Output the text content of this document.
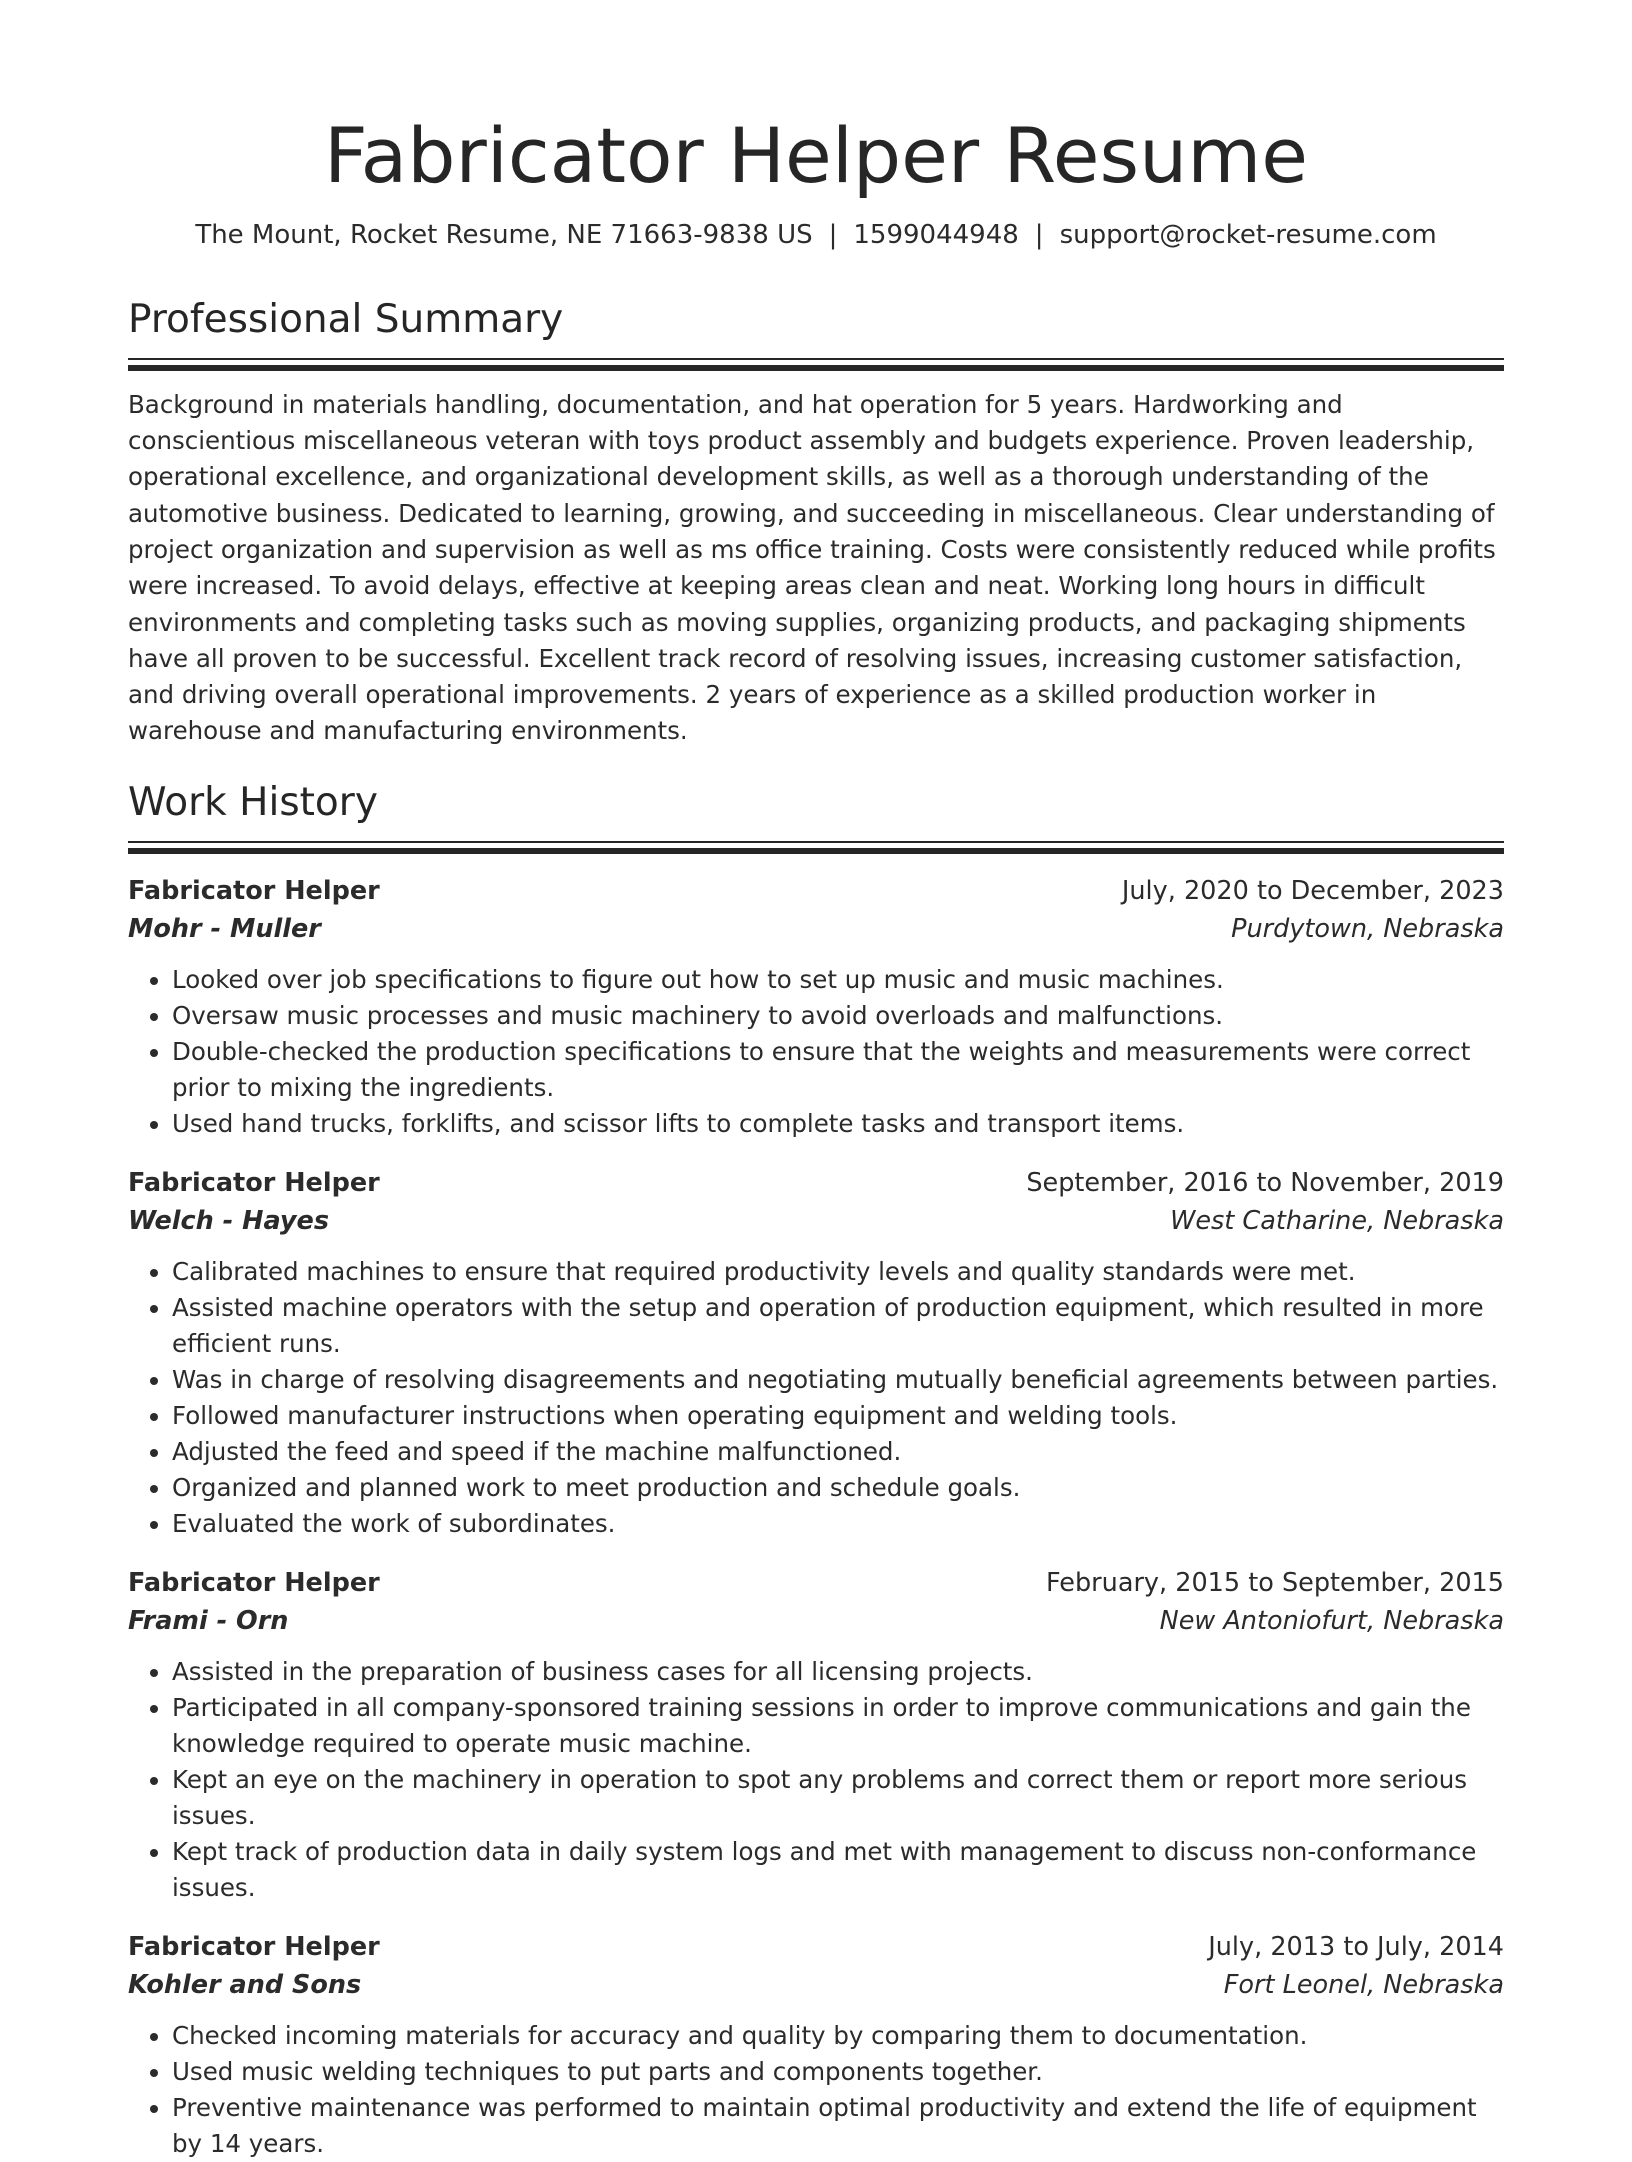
Fabricator Helper Resume
The Mount, Rocket Resume, NE 71663-9838 US | 1599044948 | support@rocket-resume.com
Professional Summary

Background in materials handling, documentation, and hat operation for 5 years. Hardworking and conscientious miscellaneous veteran with toys product assembly and budgets experience. Proven leadership, operational excellence, and organizational development skills, as well as a thorough understanding of the automotive business. Dedicated to learning, growing, and succeeding in miscellaneous. Clear understanding of project organization and supervision as well as ms office training. Costs were consistently reduced while profits were increased. To avoid delays, effective at keeping areas clean and neat. Working long hours in difficult environments and completing tasks such as moving supplies, organizing products, and packaging shipments have all proven to be successful. Excellent track record of resolving issues, increasing customer satisfaction, and driving overall operational improvements. 2 years of experience as a skilled production worker in warehouse and manufacturing environments.

Work History
Fabricator Helper	July, 2020 to December, 2023
Mohr - Muller	Purdytown, Nebraska
• Looked over job specifications to figure out how to set up music and music machines.
• Oversaw music processes and music machinery to avoid overloads and malfunctions.
• Double-checked the production specifications to ensure that the weights and measurements were correct prior to mixing the ingredients.
• Used hand trucks, forklifts, and scissor lifts to complete tasks and transport items.
Fabricator Helper	September, 2016 to November, 2019
Welch - Hayes	West Catharine, Nebraska
• Calibrated machines to ensure that required productivity levels and quality standards were met.
• Assisted machine operators with the setup and operation of production equipment, which resulted in more efficient runs.
• Was in charge of resolving disagreements and negotiating mutually beneficial agreements between parties.
• Followed manufacturer instructions when operating equipment and welding tools.
• Adjusted the feed and speed if the machine malfunctioned.
• Organized and planned work to meet production and schedule goals.
• Evaluated the work of subordinates.
Fabricator Helper	February, 2015 to September, 2015
Frami - Orn	New Antoniofurt, Nebraska
• Assisted in the preparation of business cases for all licensing projects.
• Participated in all company-sponsored training sessions in order to improve communications and gain the knowledge required to operate music machine.
• Kept an eye on the machinery in operation to spot any problems and correct them or report more serious issues.
• Kept track of production data in daily system logs and met with management to discuss non-conformance issues.
Fabricator Helper	July, 2013 to July, 2014
Kohler and Sons	Fort Leonel, Nebraska
• Checked incoming materials for accuracy and quality by comparing them to documentation.
• Used music welding techniques to put parts and components together.
• Preventive maintenance was performed to maintain optimal productivity and extend the life of equipment by 14 years.
